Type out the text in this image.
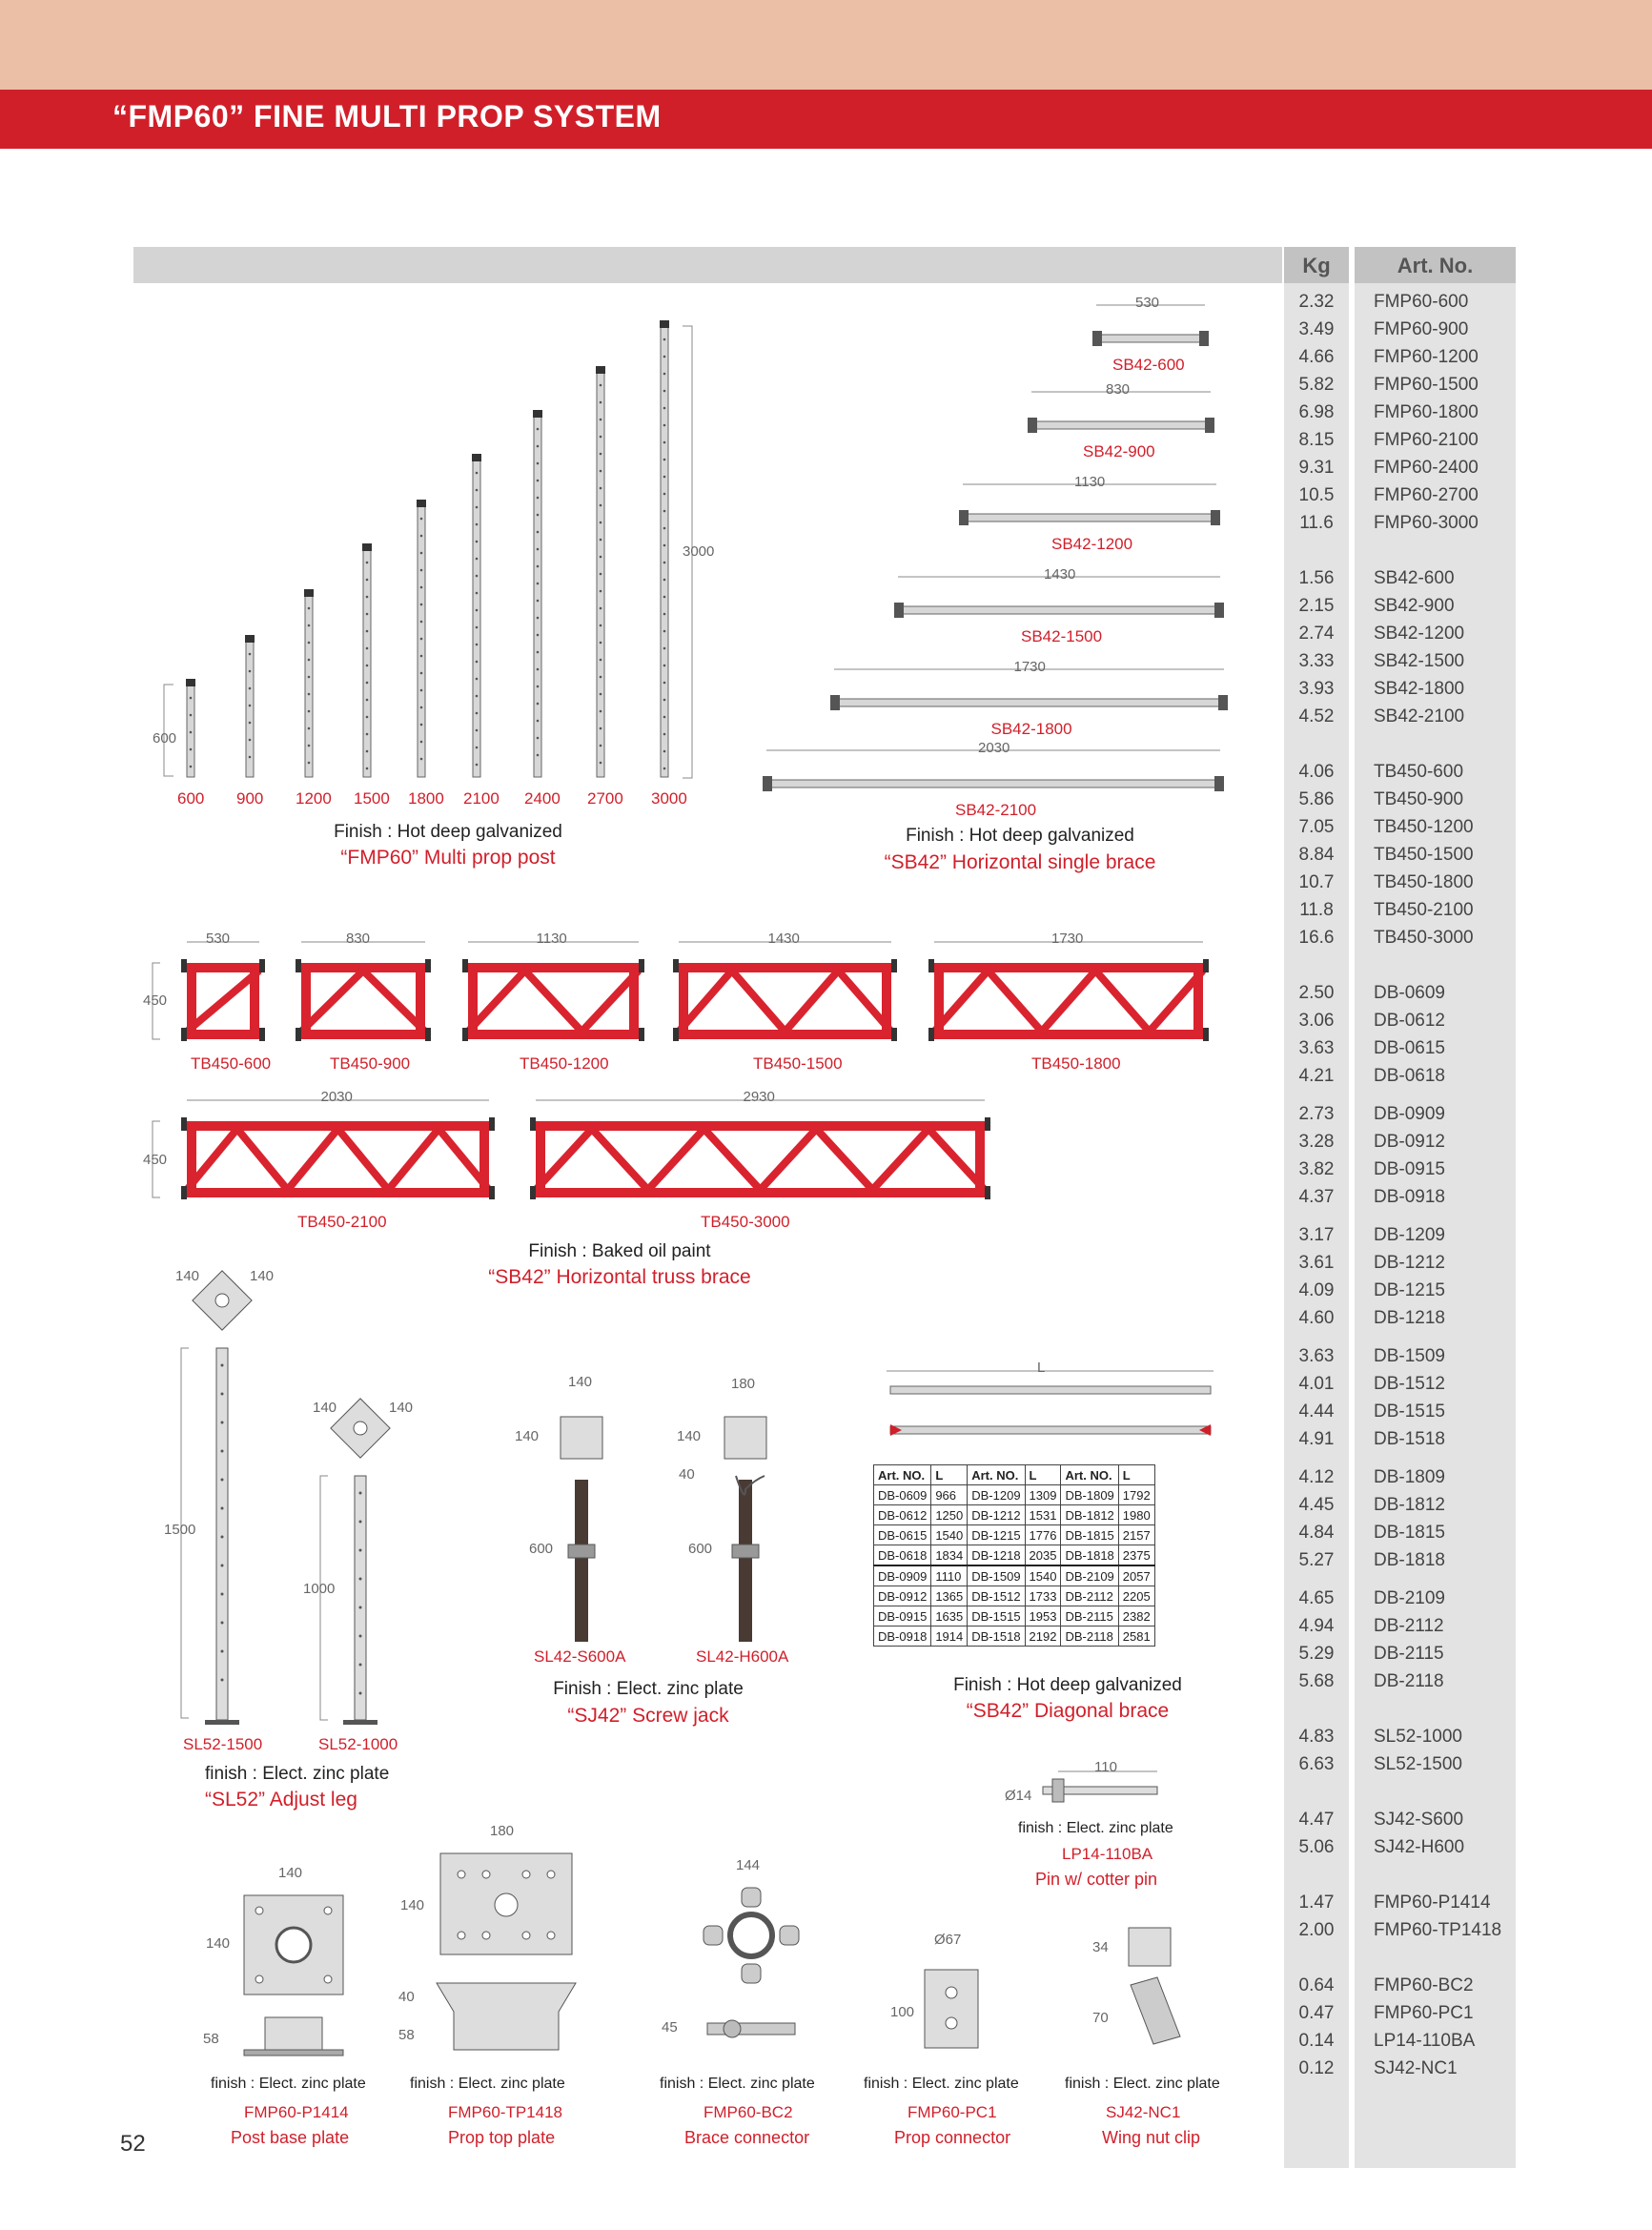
“FMP60” FINE MULTI PROP SYSTEM
Kg	Art. No.
2.32	FMP60-600
3.49	FMP60-900
4.66	FMP60-1200
5.82	FMP60-1500
6.98	FMP60-1800
8.15	FMP60-2100
9.31	FMP60-2400
10.5	FMP60-2700
11.6	FMP60-3000
1.56	SB42-600
2.15	SB42-900
2.74	SB42-1200
3.33	SB42-1500
3.93	SB42-1800
4.52	SB42-2100
4.06	TB450-600
5.86	TB450-900
7.05	TB450-1200
8.84	TB450-1500
10.7	TB450-1800
11.8	TB450-2100
16.6	TB450-3000
2.50	DB-0609
3.06	DB-0612
3.63	DB-0615
4.21	DB-0618
2.73	DB-0909
3.28	DB-0912
3.82	DB-0915
4.37	DB-0918
3.17	DB-1209
3.61	DB-1212
4.09	DB-1215
4.60	DB-1218
3.63	DB-1509
4.01	DB-1512
4.44	DB-1515
4.91	DB-1518
4.12	DB-1809
4.45	DB-1812
4.84	DB-1815
5.27	DB-1818
4.65	DB-2109
4.94	DB-2112
5.29	DB-2115
5.68	DB-2118
4.83	SL52-1000
6.63	SL52-1500
4.47	SJ42-S600
5.06	SJ42-H600
1.47	FMP60-P1414
2.00	FMP60-TP1418
0.64	FMP60-BC2
0.47	FMP60-PC1
0.14	LP14-110BA
0.12	SJ42-NC1
600
3000
600 900 1200 1500 1800 2100 2400 2700 3000
Finish : Hot deep galvanized
“FMP60” Multi prop post
530
SB42-600
830
SB42-900
1130
SB42-1200
1430
SB42-1500
1730
SB42-1800
2030
SB42-2100
Finish : Hot deep galvanized
“SB42” Horizontal single brace
530
TB450-600
830
TB450-900
1130
TB450-1200
1430
TB450-1500
1730
TB450-1800
2030
TB450-2100
2930
TB450-3000
450
450
Finish : Baked oil paint
“SB42” Horizontal truss brace
140	140
140	140
1500
1000
SL52-1500	SL52-1000
finish : Elect. zinc plate
“SL52” Adjust leg
140
140
180
140
40
600	600
SL42-S600A	SL42-H600A
Finish : Elect. zinc plate
“SJ42” Screw jack
L
Art. NO.	L	Art. NO.	L	Art. NO.	L
DB-0609	966	DB-1209	1309	DB-1809	1792
DB-0612	1250	DB-1212	1531	DB-1812	1980
DB-0615	1540	DB-1215	1776	DB-1815	2157
DB-0618	1834	DB-1218	2035	DB-1818	2375
DB-0909	1110	DB-1509	1540	DB-2109	2057
DB-0912	1365	DB-1512	1733	DB-2112	2205
DB-0915	1635	DB-1515	1953	DB-2115	2382
DB-0918	1914	DB-1518	2192	DB-2118	2581
Finish : Hot deep galvanized
“SB42” Diagonal brace
Ø14
110
finish : Elect. zinc plate
LP14-110BA
Pin w/ cotter pin
140
140
58
180
140
40
58
144
45
Ø67
100
34
70
finish : Elect. zinc plate
FMP60-P1414
Post base plate
finish : Elect. zinc plate
FMP60-TP1418
Prop top plate
finish : Elect. zinc plate
FMP60-BC2
Brace connector
finish : Elect. zinc plate
FMP60-PC1
Prop connector
finish : Elect. zinc plate
SJ42-NC1
Wing nut clip
52
